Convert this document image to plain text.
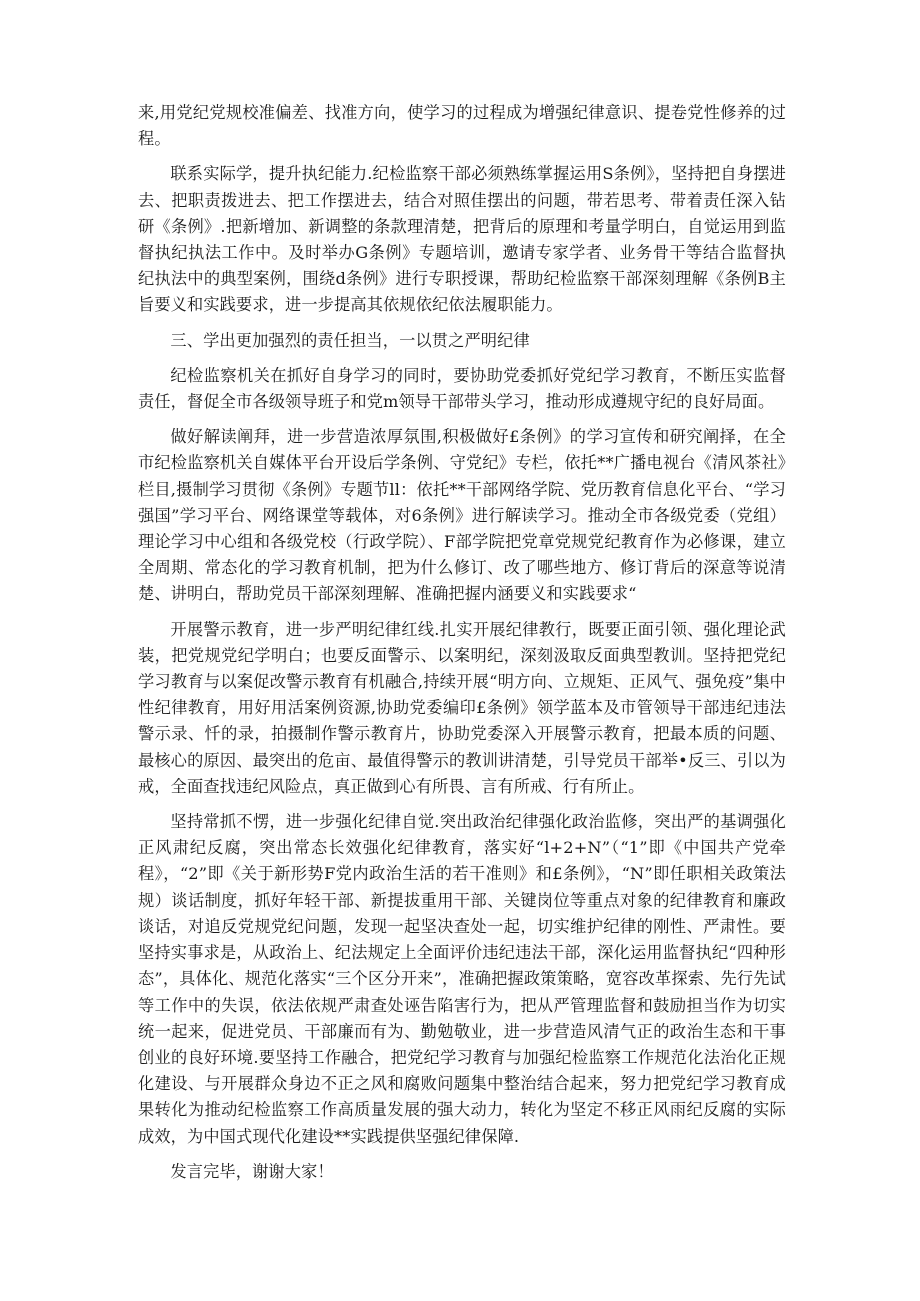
来,用党纪党规校准偏差、找准方向，使学习的过程成为增强纪律意识、提卷党性修养的过程。

联系实际学，提升执纪能力.纪检监察干部必须熟练掌握运用S条例》，坚持把自身摆进去、把职责拨进去、把工作摆进去，结合对照佳摆出的问题，带若思考、带着责任深入钻研《条例》.把新增加、新调整的条款理清楚，把背后的原理和考量学明白，自觉运用到监督执纪执法工作中。及时举办G条例》专题培训，邀请专家学者、业务骨干等结合监督执纪执法中的典型案例，围绕d条例》进行专职授课，帮助纪检监察干部深刻理解《条例B主旨要义和实践要求，进一步提高其依规依纪依法履职能力。

三、学出更加强烈的责任担当，一以贯之严明纪律

纪检监察机关在抓好自身学习的同时，要协助党委抓好党纪学习教育，不断压实监督责任，督促全市各级领导班子和党m领导干部带头学习，推动形成遵规守纪的良好局面。

做好解读阐拜，进一步营造浓厚氛围,积极做好£条例》的学习宣传和研究阐择，在全市纪检监察机关自媒体平台开设后学条例、守党纪》专栏，依托**广播电视台《清风茶社》栏目,摄制学习贯彻《条例》专题节ll：依托**干部网络学院、党历教育信息化平台、“学习强国”学习平台、网络课堂等载体，对6条例》进行解读学习。推动全市各级党委（党组）理论学习中心组和各级党校（行政学院）、F部学院把党章党规党纪教育作为必修课，建立全周期、常态化的学习教育机制，把为什么修订、改了哪些地方、修订背后的深意等说清楚、讲明白，帮助党员干部深刻理解、准确把握内涵要义和实践要求“

开展警示教育，进一步严明纪律红线.扎实开展纪律教行，既要正面引领、强化理论武装，把党规党纪学明白；也要反面警示、以案明纪，深刻汲取反面典型教训。坚持把党纪学习教育与以案促改警示教育有机融合,持续开展“明方向、立规矩、正风气、强免疫”集中性纪律教育，用好用活案例资源,协助党委编印£条例》领学蓝本及市管领导干部违纪违法警示录、忏的录，拍摄制作警示教育片，协助党委深入开展警示教育，把最本质的问题、最核心的原因、最突出的危亩、最值得警示的教训讲清楚，引导党员干部举•反三、引以为戒，全面查找违纪风险点，真正做到心有所畏、言有所戒、行有所止。

坚持常抓不愣，进一步强化纪律自觉.突出政治纪律强化政治监修，突出严的基调强化正风肃纪反腐，突出常态长效强化纪律教育，落实好“l+2+N”（“1”即《中国共产党牵程》，“2”即《关于新形势F党内政治生活的若干准则》和£条例》，“N”即任职相关政策法规）谈话制度，抓好年轻干部、新提拔重用干部、关键岗位等重点对象的纪律教育和廉政谈话，对追反党规党纪问题，发现一起坚决查处一起，切实维护纪律的刚性、严肃性。要坚持实事求是，从政治上、纪法规定上全面评价违纪违法干部，深化运用监督执纪“四种形态”，具体化、规范化落实“三个区分开来”，准确把握政策策略，宽容改革探索、先行先试等工作中的失误，依法依规严肃查处诬告陷害行为，把从严管理监督和鼓励担当作为切实统一起来，促进党员、干部廉而有为、勤勉敬业，进一步营造风清气正的政治生态和干事创业的良好环境.要坚持工作融合，把党纪学习教育与加强纪检监察工作规范化法治化正规化建设、与开展群众身边不正之风和腐败问题集中整治结合起来，努力把党纪学习教育成果转化为推动纪检监察工作高质量发展的强大动力，转化为坚定不移正风雨纪反腐的实际成效，为中国式现代化建设**实践提供坚强纪律保障.

发言完毕，谢谢大家！
